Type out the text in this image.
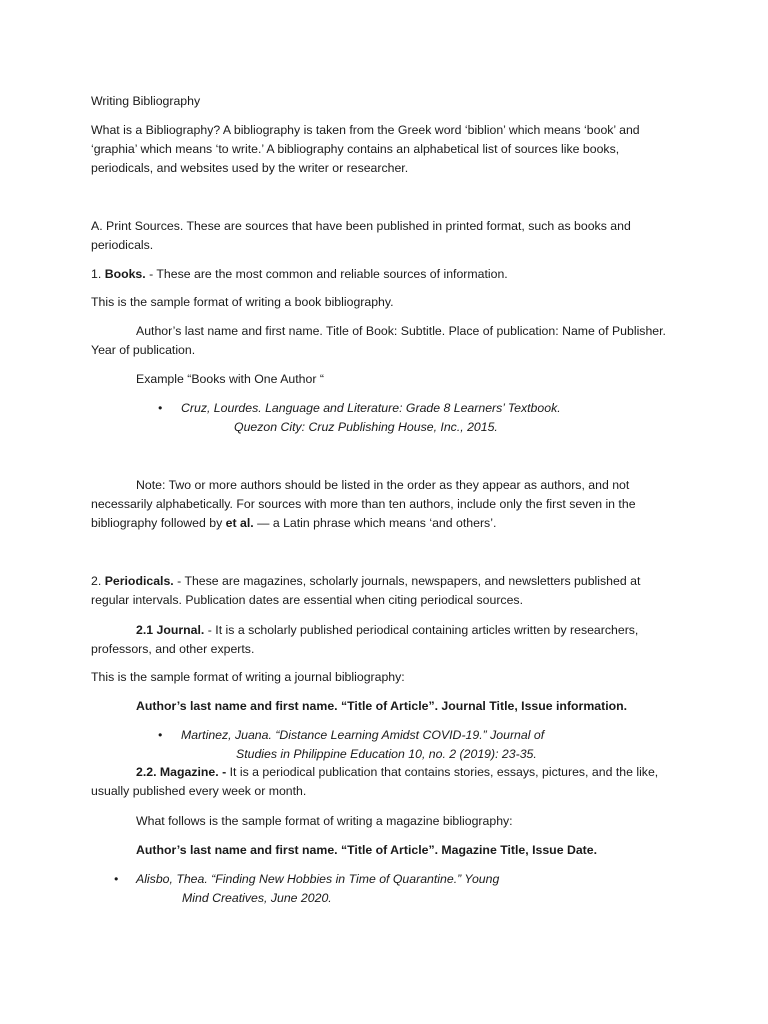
Writing Bibliography

What is a Bibliography? A bibliography is taken from the Greek word ‘biblion’ which means ‘book’ and ‘graphia’ which means ‘to write.’ A bibliography contains an alphabetical list of sources like books, periodicals, and websites used by the writer or researcher.

A. Print Sources. These are sources that have been published in printed format, such as books and periodicals.

1. Books. - These are the most common and reliable sources of information.

This is the sample format of writing a book bibliography.

Author’s last name and first name. Title of Book: Subtitle. Place of publication: Name of Publisher. Year of publication.

Example “Books with One Author “

•	Cruz, Lourdes. Language and Literature: Grade 8 Learners’ Textbook.
Quezon City: Cruz Publishing House, Inc., 2015.

Note: Two or more authors should be listed in the order as they appear as authors, and not necessarily alphabetically. For sources with more than ten authors, include only the first seven in the bibliography followed by et al. — a Latin phrase which means ‘and others’.

2. Periodicals. - These are magazines, scholarly journals, newspapers, and newsletters published at regular intervals. Publication dates are essential when citing periodical sources.

2.1 Journal. - It is a scholarly published periodical containing articles written by researchers, professors, and other experts.

This is the sample format of writing a journal bibliography:

Author’s last name and first name. “Title of Article”. Journal Title, Issue information.

•	Martinez, Juana. “Distance Learning Amidst COVID-19.” Journal of
Studies in Philippine Education 10, no. 2 (2019): 23-35.

2.2. Magazine. - It is a periodical publication that contains stories, essays, pictures, and the like, usually published every week or month.

What follows is the sample format of writing a magazine bibliography:

Author’s last name and first name. “Title of Article”. Magazine Title, Issue Date.

•	Alisbo, Thea. “Finding New Hobbies in Time of Quarantine.” Young
Mind Creatives, June 2020.
